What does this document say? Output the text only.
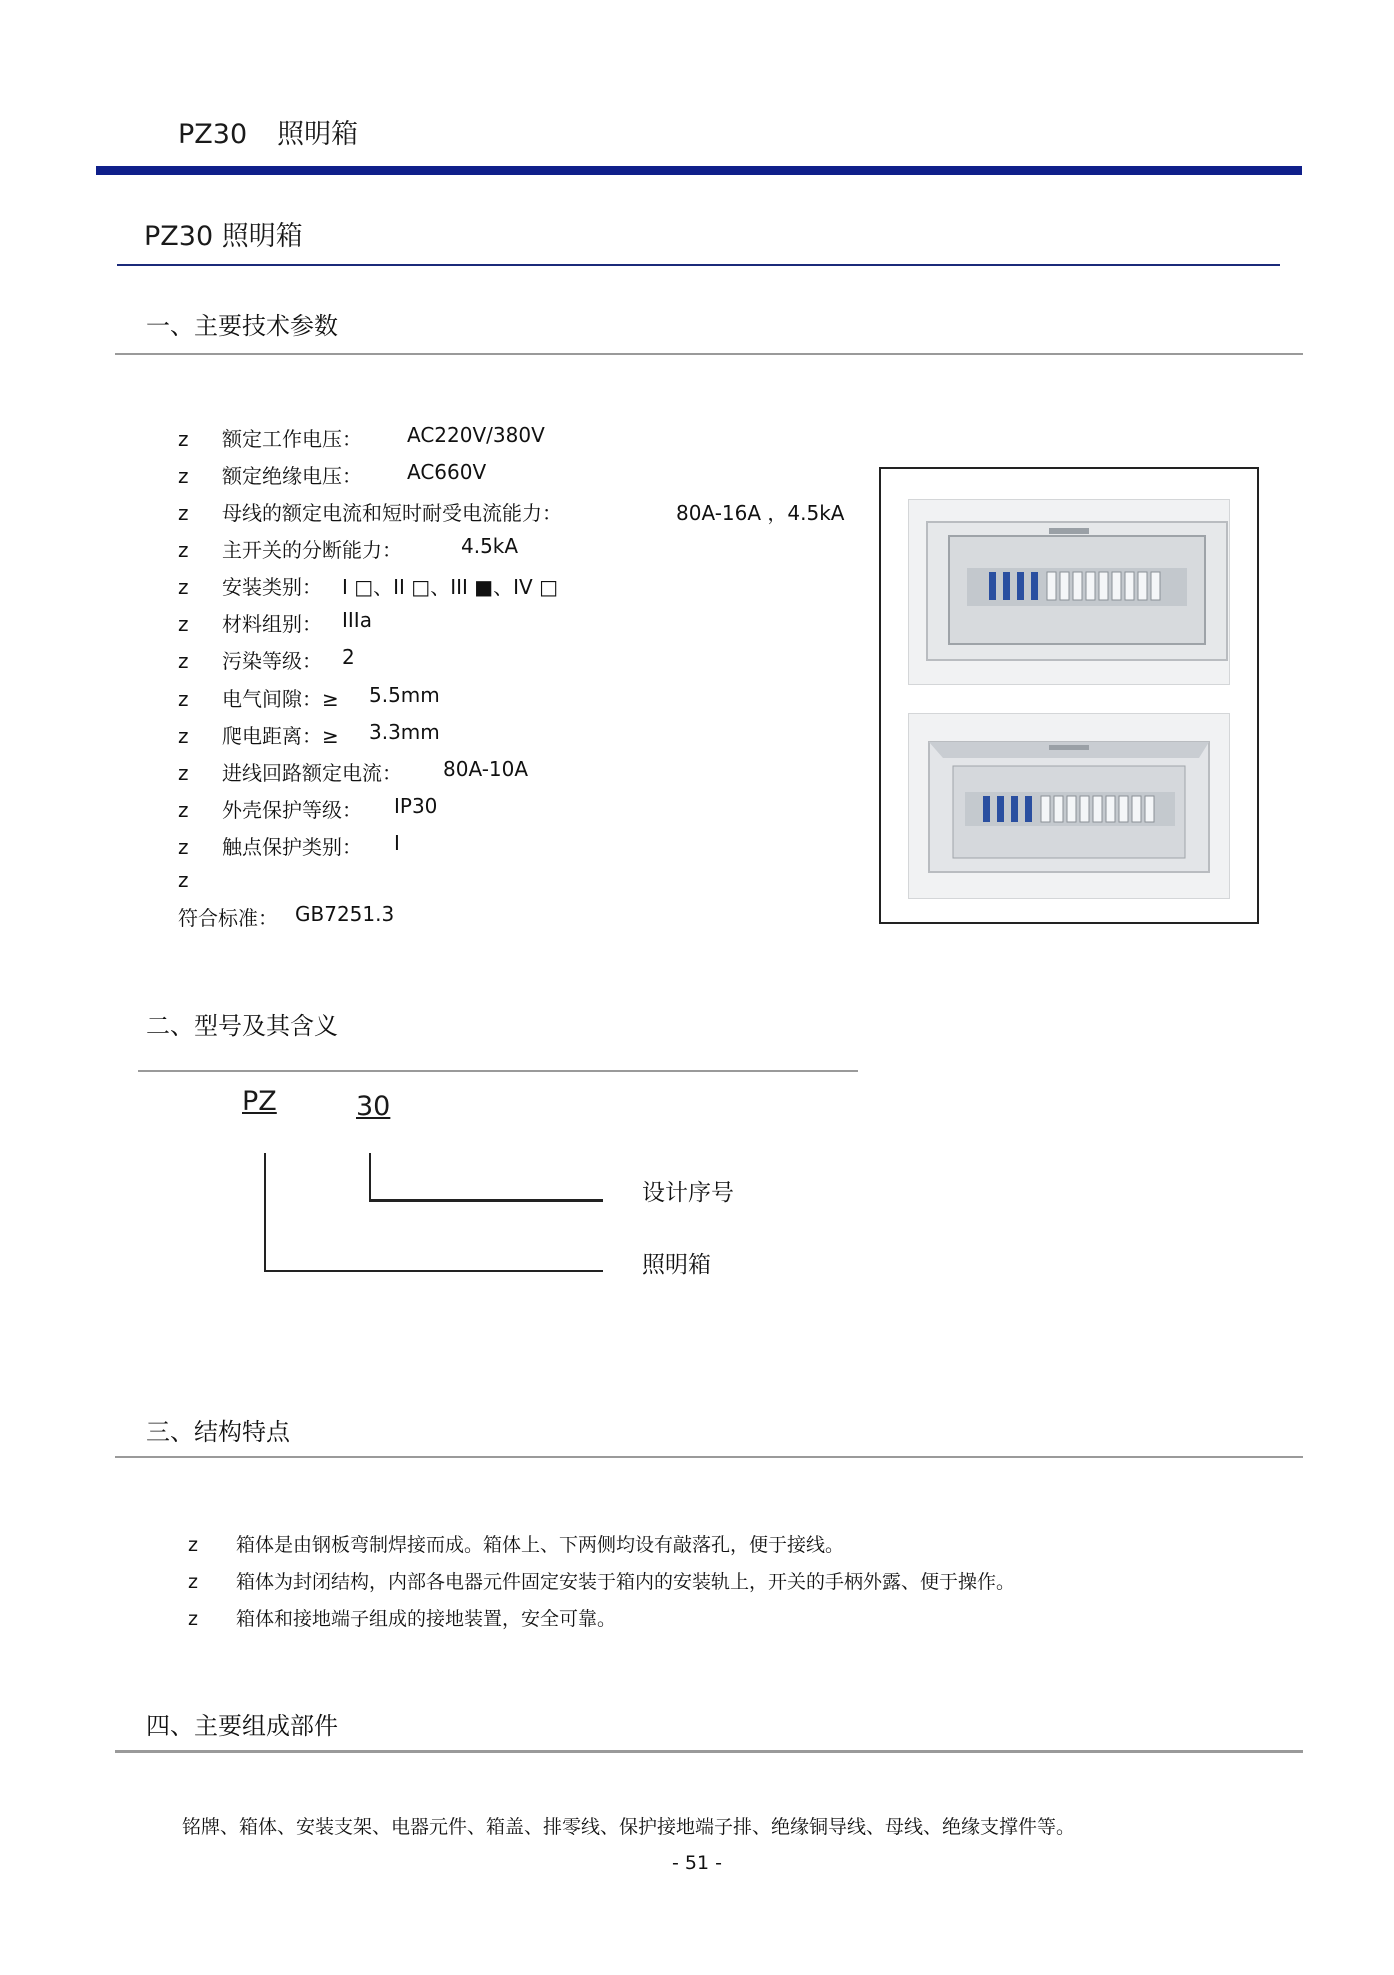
PZ30 照明箱
PZ30 照明箱
一、主要技术参数
z 额定工作电压： AC220V/380V
z 额定绝缘电压： AC660V
z 母线的额定电流和短时耐受电流能力：	80A-16A ，4.5kA
z 主开关的分断能力：	4.5kA
z 安装类别： I □、II □、III ■、IV □
z 材料组别： IIIa
z 污染等级： 2
z 电气间隙：≥ 5.5mm
z 爬电距离：≥ 3.3mm
z 进线回路额定电流： 80A-10A
z 外壳保护等级： IP30
z 触点保护类别： I
z
符合标准： GB7251.3
二、型号及其含义
PZ	30
设计序号
照明箱
三、结构特点
z 箱体是由钢板弯制焊接而成。箱体上、下两侧均设有敲落孔，便于接线。
z 箱体为封闭结构，内部各电器元件固定安装于箱内的安装轨上，开关的手柄外露、便于操作。
z 箱体和接地端子组成的接地装置，安全可靠。
四、主要组成部件
铭牌、箱体、安装支架、电器元件、箱盖、排零线、保护接地端子排、绝缘铜导线、母线、绝缘支撑件等。
- 51 -
